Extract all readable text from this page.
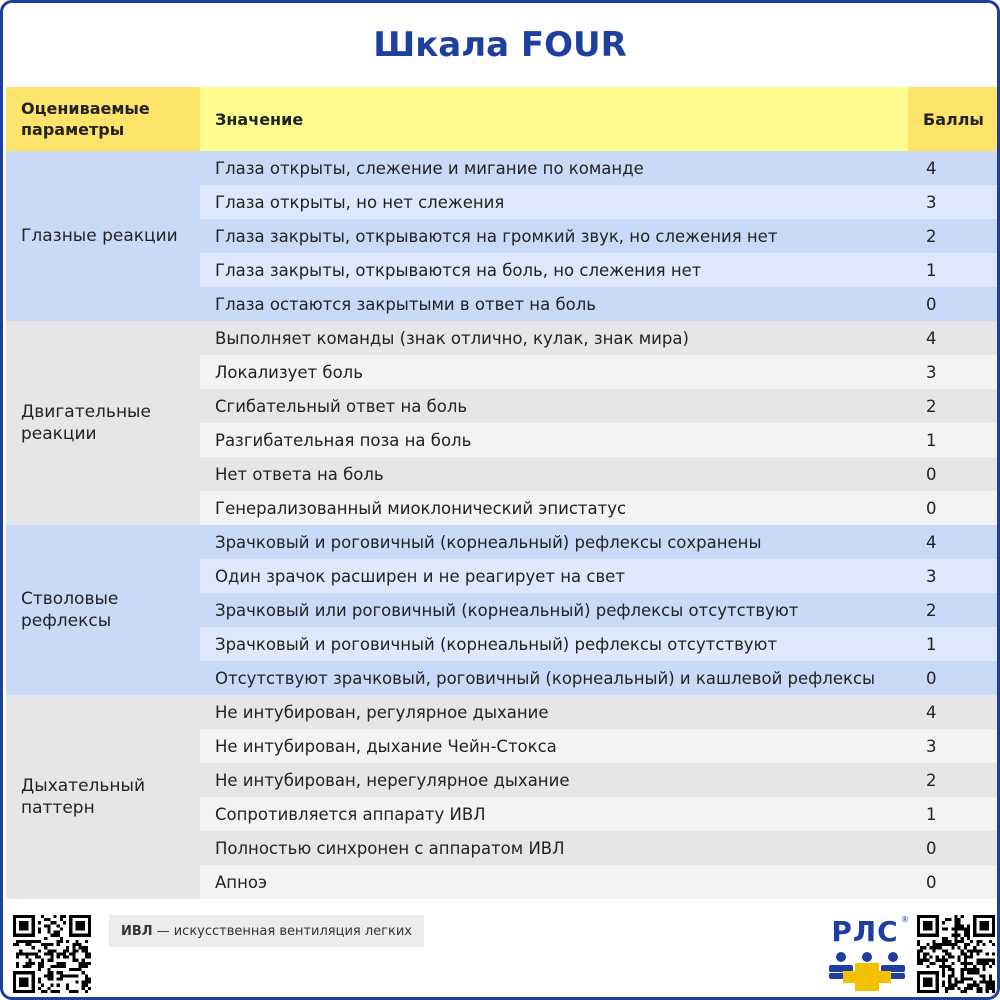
Шкала FOUR
Оцениваемые параметры
Значение	Баллы
Глазные реакции
Глаза открыты, слежение и мигание по команде	4
Глаза открыты, но нет слежения	3
Глаза закрыты, открываются на громкий звук, но слежения нет	2
Глаза закрыты, открываются на боль, но слежения нет	1
Глаза остаются закрытыми в ответ на боль	0
Двигательные реакции
Выполняет команды (знак отлично, кулак, знак мира)	4
Локализует боль	3
Сгибательный ответ на боль	2
Разгибательная поза на боль	1
Нет ответа на боль	0
Генерализованный миоклонический эпистатус	0
Стволовые рефлексы
Зрачковый и роговичный (корнеальный) рефлексы сохранены	4
Один зрачок расширен и не реагирует на свет	3
Зрачковый или роговичный (корнеальный) рефлексы отсутствуют	2
Зрачковый и роговичный (корнеальный) рефлексы отсутствуют	1
Отсутствуют зрачковый, роговичный (корнеальный) и кашлевой рефлексы	0
Дыхательный паттерн
Не интубирован, регулярное дыхание	4
Не интубирован, дыхание Чейн-Стокса	3
Не интубирован, нерегулярное дыхание	2
Сопротивляется аппарату ИВЛ	1
Полностью синхронен с аппаратом ИВЛ	0
Апноэ	0
ИВЛ — искусственная вентиляция легких	РЛС ®
